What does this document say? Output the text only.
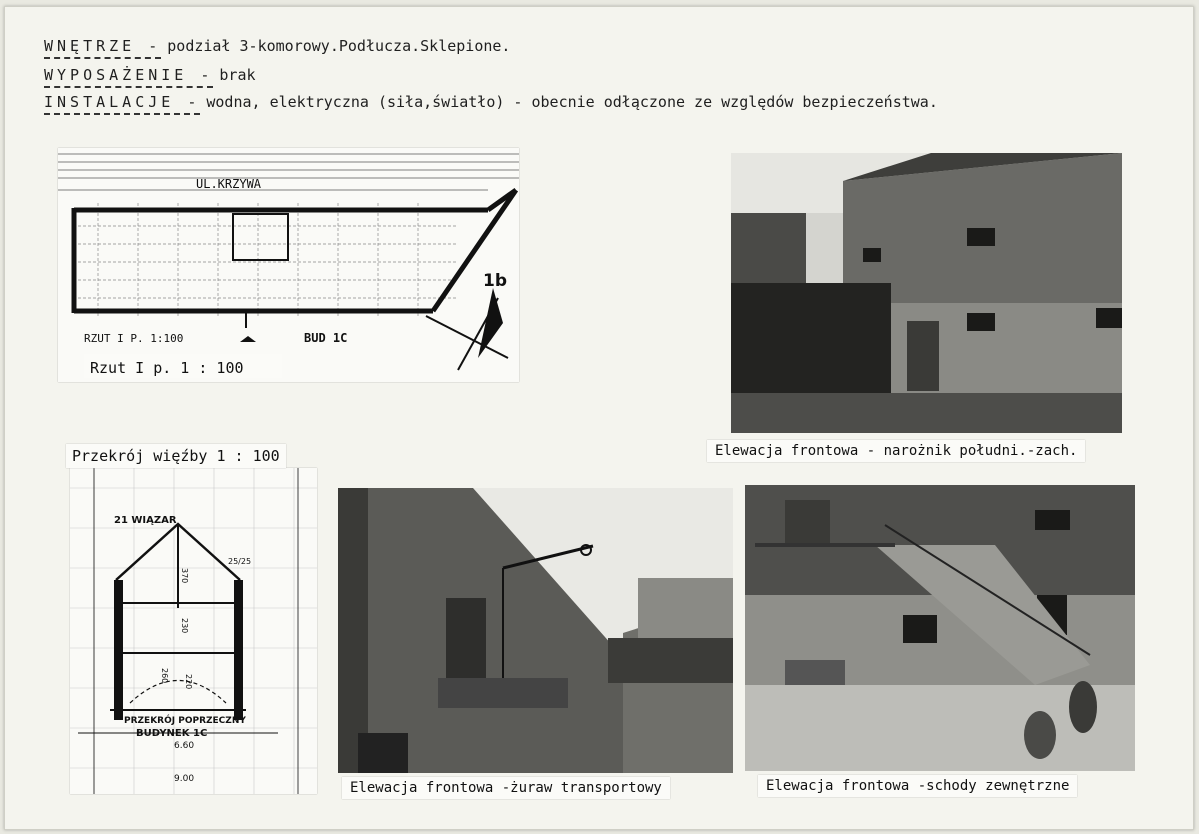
WNĘTRZE - podział 3-komorowy.Podłucza.Sklepione.
WYPOSAŻENIE - brak
INSTALACJE - wodna, elektryczna (siła,światło) - obecnie odłączone ze względów bezpieczeństwa.
UL.KRZYWA
RZUT I P. 1:100	BUD 1C
1b
Rzut I p. 1 : 100
21 WIĄZAR
370
230
260 220
6.60
9.00
25/25
PRZEKRÓJ POPRZECZNY
BUDYNEK 1C
Przekrój więźby 1 : 100	Elewacja frontowa - narożnik południ.-zach.
Elewacja frontowa -żuraw transportowy	Elewacja frontowa -schody zewnętrzne
